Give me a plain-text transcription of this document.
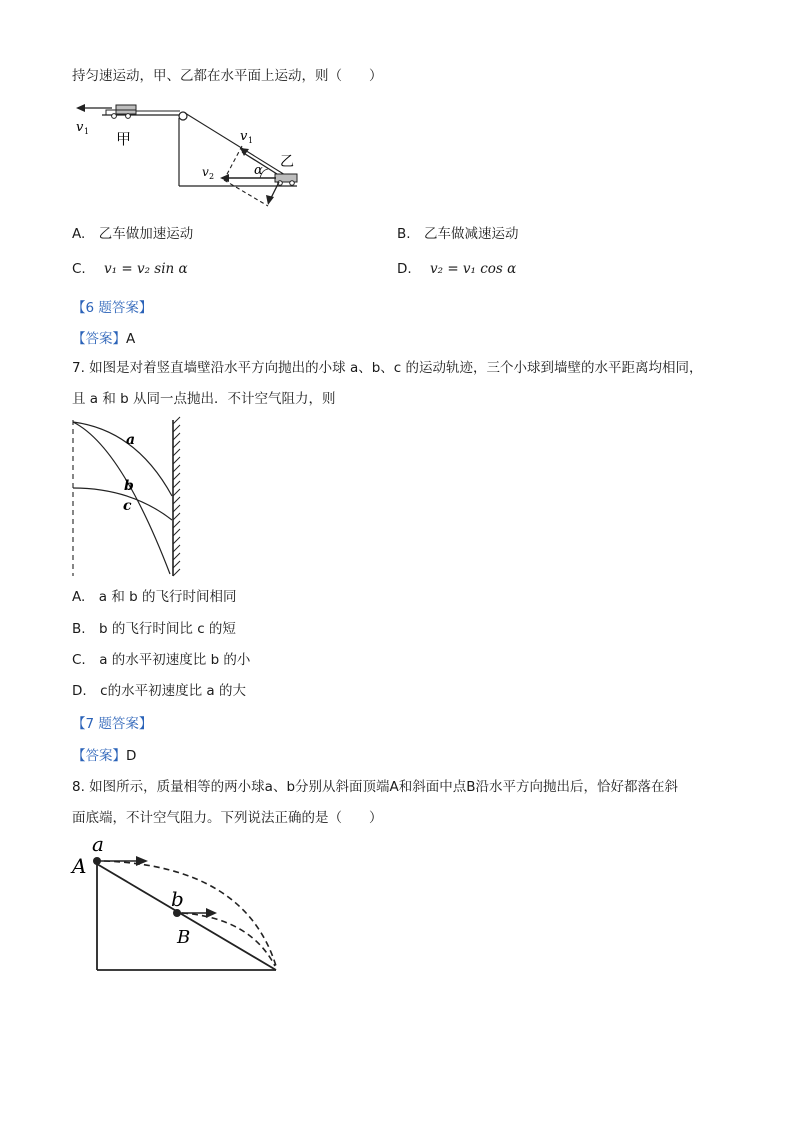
持匀速运动，甲、乙都在水平面上运动，则（　　）
v 1 甲	v 1
v 2	α
乙
A.　乙车做加速运动	B.　乙车做减速运动
C. v₁ = v₂ sin α	D. v₂ = v₁ cos α
【6 题答案】
【答案】A
7. 如图是对着竖直墙壁沿水平方向抛出的小球 a、b、c 的运动轨迹，三个小球到墙壁的水平距离均相同，
且 a 和 b 从同一点抛出．不计空气阻力，则
a
b
c
A.　a 和 b 的飞行时间相同
B.　b 的飞行时间比 c 的短
C.　a 的水平初速度比 b 的小
D.　c的水平初速度比 a 的大
【7 题答案】
【答案】D
8. 如图所示，质量相等的两小球a、b分别从斜面顶端A和斜面中点B沿水平方向抛出后，恰好都落在斜
面底端，不计空气阻力。下列说法正确的是（　　）
a
A
b
B
